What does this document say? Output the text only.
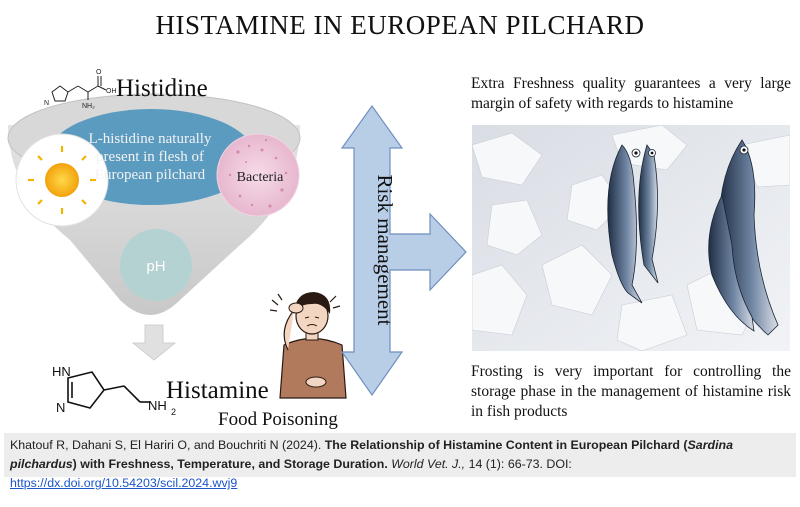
HISTAMINE IN EUROPEAN PILCHARD
N
O
OH
NH₂
HN
N	NH 2
Histidine
L-histidine naturally
present in flesh of
European pilchard Bacteria
pH
Histamine
Food Poisoning
Risk management
Extra Freshness quality guarantees a very large margin of safety with regards to histamine
Frosting is very important for controlling the storage phase in the management of histamine risk in fish products
Khatouf R, Dahani S, El Hariri O, and Bouchriti N (2024). The Relationship of Histamine Content in European Pilchard (Sardina pilchardus) with Freshness, Temperature, and Storage Duration. World Vet. J., 14 (1): 66-73. DOI: https://dx.doi.org/10.54203/scil.2024.wvj9
